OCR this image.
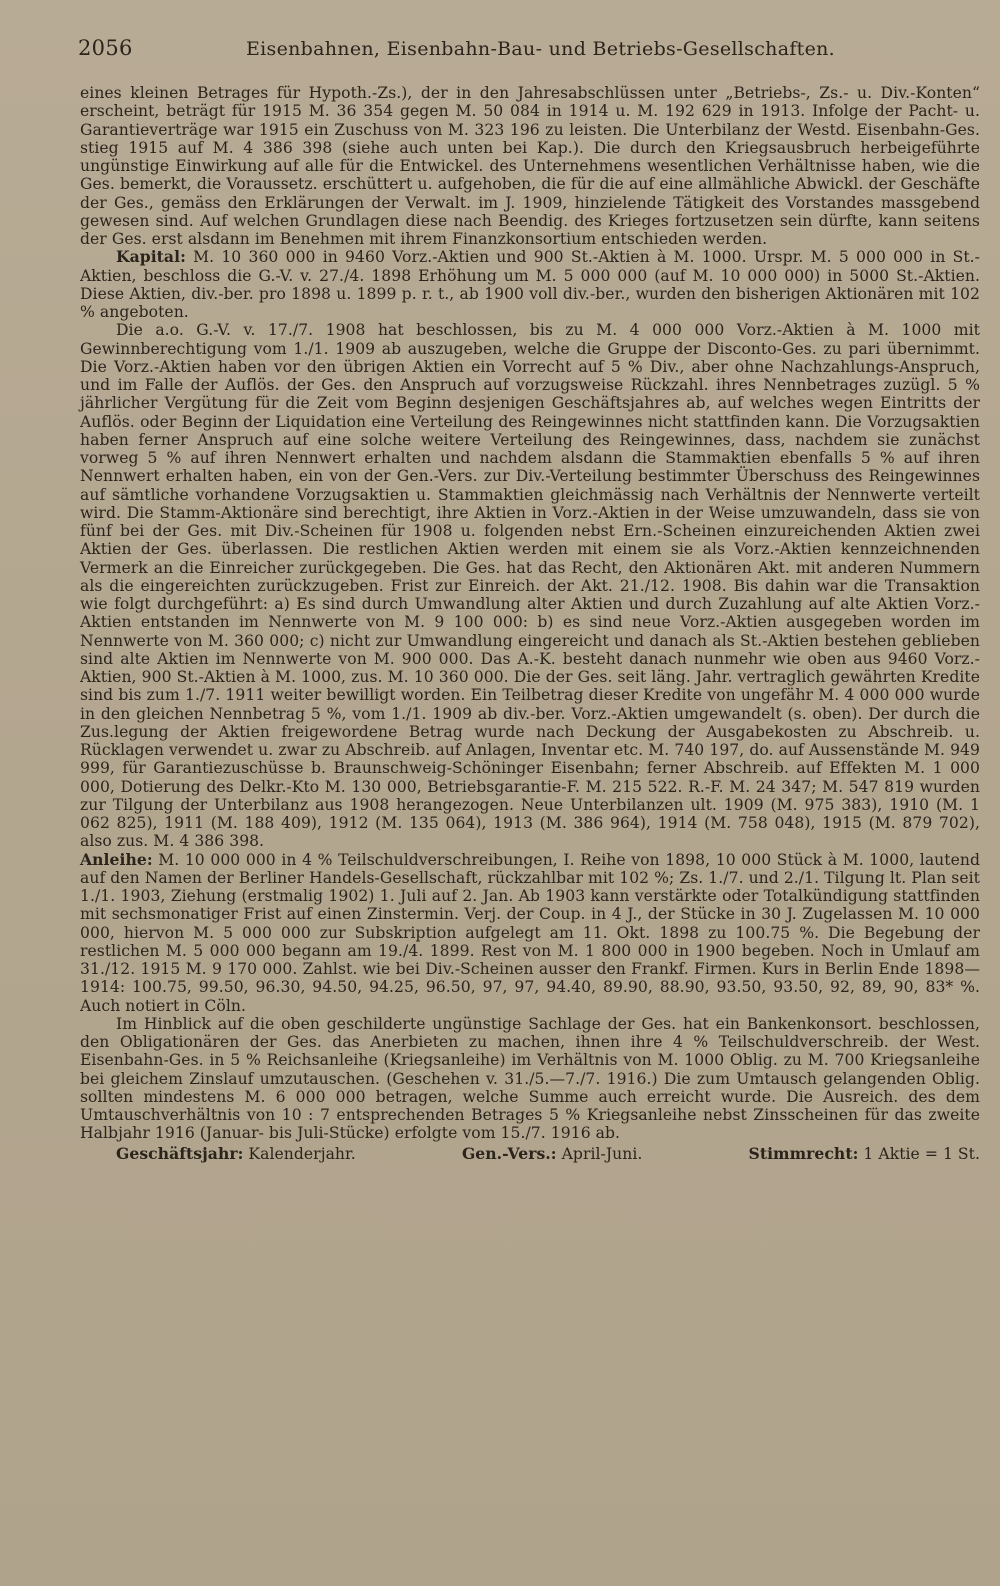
2056	Eisenbahnen, Eisenbahn-Bau- und Betriebs-Gesellschaften.

eines kleinen Betrages für Hypoth.-Zs.), der in den Jahresabschlüssen unter „Betriebs-, Zs.- u. Div.-Konten“ erscheint, beträgt für 1915 M. 36 354 gegen M. 50 084 in 1914 u. M. 192 629 in 1913. Infolge der Pacht- u. Garantieverträge war 1915 ein Zuschuss von M. 323 196 zu leisten. Die Unterbilanz der Westd. Eisenbahn-Ges. stieg 1915 auf M. 4 386 398 (siehe auch unten bei Kap.). Die durch den Kriegsausbruch herbeigeführte ungünstige Einwirkung auf alle für die Entwickel. des Unternehmens wesentlichen Verhältnisse haben, wie die Ges. bemerkt, die Voraussetz. erschüttert u. aufgehoben, die für die auf eine allmähliche Abwickl. der Geschäfte der Ges., gemäss den Erklärungen der Verwalt. im J. 1909, hinzielende Tätigkeit des Vorstandes massgebend gewesen sind. Auf welchen Grundlagen diese nach Beendig. des Krieges fortzusetzen sein dürfte, kann seitens der Ges. erst alsdann im Benehmen mit ihrem Finanzkonsortium entschieden werden.

Kapital: M. 10 360 000 in 9460 Vorz.-Aktien und 900 St.-Aktien à M. 1000. Urspr. M. 5 000 000 in St.-Aktien, beschloss die G.-V. v. 27./4. 1898 Erhöhung um M. 5 000 000 (auf M. 10 000 000) in 5000 St.-Aktien. Diese Aktien, div.-ber. pro 1898 u. 1899 p. r. t., ab 1900 voll div.-ber., wurden den bisherigen Aktionären mit 102 % angeboten.

Die a.o. G.-V. v. 17./7. 1908 hat beschlossen, bis zu M. 4 000 000 Vorz.-Aktien à M. 1000 mit Gewinnberechtigung vom 1./1. 1909 ab auszugeben, welche die Gruppe der Disconto-Ges. zu pari übernimmt. Die Vorz.-Aktien haben vor den übrigen Aktien ein Vorrecht auf 5 % Div., aber ohne Nachzahlungs-Anspruch, und im Falle der Auflös. der Ges. den Anspruch auf vorzugsweise Rückzahl. ihres Nennbetrages zuzügl. 5 % jährlicher Vergütung für die Zeit vom Beginn desjenigen Geschäftsjahres ab, auf welches wegen Eintritts der Auflös. oder Beginn der Liquidation eine Verteilung des Reingewinnes nicht stattfinden kann. Die Vorzugsaktien haben ferner Anspruch auf eine solche weitere Verteilung des Reingewinnes, dass, nachdem sie zunächst vorweg 5 % auf ihren Nennwert erhalten und nachdem alsdann die Stammaktien ebenfalls 5 % auf ihren Nennwert erhalten haben, ein von der Gen.-Vers. zur Div.-Verteilung bestimmter Überschuss des Reingewinnes auf sämtliche vorhandene Vorzugsaktien u. Stammaktien gleichmässig nach Verhältnis der Nennwerte verteilt wird. Die Stamm-Aktionäre sind berechtigt, ihre Aktien in Vorz.-Aktien in der Weise umzuwandeln, dass sie von fünf bei der Ges. mit Div.-Scheinen für 1908 u. folgenden nebst Ern.-Scheinen einzureichenden Aktien zwei Aktien der Ges. überlassen. Die restlichen Aktien werden mit einem sie als Vorz.-Aktien kennzeichnenden Vermerk an die Einreicher zurückgegeben. Die Ges. hat das Recht, den Aktionären Akt. mit anderen Nummern als die eingereichten zurückzugeben. Frist zur Einreich. der Akt. 21./12. 1908. Bis dahin war die Transaktion wie folgt durchgeführt: a) Es sind durch Umwandlung alter Aktien und durch Zuzahlung auf alte Aktien Vorz.-Aktien entstanden im Nennwerte von M. 9 100 000: b) es sind neue Vorz.-Aktien ausgegeben worden im Nennwerte von M. 360 000; c) nicht zur Umwandlung eingereicht und danach als St.-Aktien bestehen geblieben sind alte Aktien im Nennwerte von M. 900 000. Das A.-K. besteht danach nunmehr wie oben aus 9460 Vorz.-Aktien, 900 St.-Aktien à M. 1000, zus. M. 10 360 000. Die der Ges. seit läng. Jahr. vertraglich gewährten Kredite sind bis zum 1./7. 1911 weiter bewilligt worden. Ein Teilbetrag dieser Kredite von ungefähr M. 4 000 000 wurde in den gleichen Nennbetrag 5 %, vom 1./1. 1909 ab div.-ber. Vorz.-Aktien umgewandelt (s. oben). Der durch die Zus.legung der Aktien freigewordene Betrag wurde nach Deckung der Ausgabekosten zu Abschreib. u. Rücklagen verwendet u. zwar zu Abschreib. auf Anlagen, Inventar etc. M. 740 197, do. auf Aussenstände M. 949 999, für Garantiezuschüsse b. Braunschweig-Schöninger Eisenbahn; ferner Abschreib. auf Effekten M. 1 000 000, Dotierung des Delkr.-Kto M. 130 000, Betriebsgarantie-F. M. 215 522. R.-F. M. 24 347; M. 547 819 wurden zur Tilgung der Unterbilanz aus 1908 herangezogen. Neue Unterbilanzen ult. 1909 (M. 975 383), 1910 (M. 1 062 825), 1911 (M. 188 409), 1912 (M. 135 064), 1913 (M. 386 964), 1914 (M. 758 048), 1915 (M. 879 702), also zus. M. 4 386 398.

Anleihe: M. 10 000 000 in 4 % Teilschuldverschreibungen, I. Reihe von 1898, 10 000 Stück à M. 1000, lautend auf den Namen der Berliner Handels-Gesellschaft, rückzahlbar mit 102 %; Zs. 1./7. und 2./1. Tilgung lt. Plan seit 1./1. 1903, Ziehung (erstmalig 1902) 1. Juli auf 2. Jan. Ab 1903 kann verstärkte oder Totalkündigung stattfinden mit sechsmonatiger Frist auf einen Zinstermin. Verj. der Coup. in 4 J., der Stücke in 30 J. Zugelassen M. 10 000 000, hiervon M. 5 000 000 zur Subskription aufgelegt am 11. Okt. 1898 zu 100.75 %. Die Begebung der restlichen M. 5 000 000 begann am 19./4. 1899. Rest von M. 1 800 000 in 1900 begeben. Noch in Umlauf am 31./12. 1915 M. 9 170 000. Zahlst. wie bei Div.-Scheinen ausser den Frankf. Firmen. Kurs in Berlin Ende 1898—1914: 100.75, 99.50, 96.30, 94.50, 94.25, 96.50, 97, 97, 94.40, 89.90, 88.90, 93.50, 93.50, 92, 89, 90, 83* %. Auch notiert in Cöln.

Im Hinblick auf die oben geschilderte ungünstige Sachlage der Ges. hat ein Bankenkonsort. beschlossen, den Obligationären der Ges. das Anerbieten zu machen, ihnen ihre 4 % Teilschuldverschreib. der West. Eisenbahn-Ges. in 5 % Reichsanleihe (Kriegsanleihe) im Verhältnis von M. 1000 Oblig. zu M. 700 Kriegsanleihe bei gleichem Zinslauf umzutauschen. (Geschehen v. 31./5.—7./7. 1916.) Die zum Umtausch gelangenden Oblig. sollten mindestens M. 6 000 000 betragen, welche Summe auch erreicht wurde. Die Ausreich. des dem Umtauschverhältnis von 10 : 7 entsprechenden Betrages 5 % Kriegsanleihe nebst Zinsscheinen für das zweite Halbjahr 1916 (Januar- bis Juli-Stücke) erfolgte vom 15./7. 1916 ab.

Geschäftsjahr: Kalenderjahr.	Gen.-Vers.: April-Juni.	Stimmrecht: 1 Aktie = 1 St.
